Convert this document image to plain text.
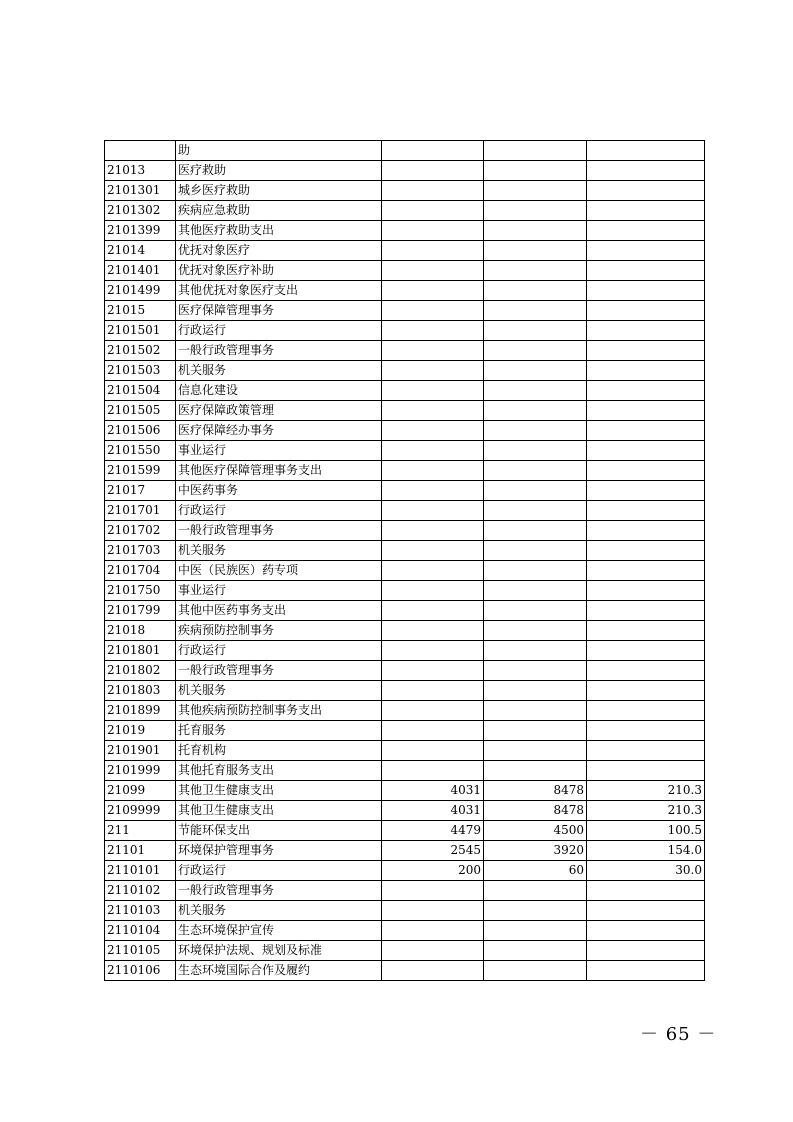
	助			
21013	医疗救助			
2101301	城乡医疗救助			
2101302	疾病应急救助			
2101399	其他医疗救助支出			
21014	优抚对象医疗			
2101401	优抚对象医疗补助			
2101499	其他优抚对象医疗支出			
21015	医疗保障管理事务			
2101501	行政运行			
2101502	一般行政管理事务			
2101503	机关服务			
2101504	信息化建设			
2101505	医疗保障政策管理			
2101506	医疗保障经办事务			
2101550	事业运行			
2101599	其他医疗保障管理事务支出			
21017	中医药事务			
2101701	行政运行			
2101702	一般行政管理事务			
2101703	机关服务			
2101704	中医（民族医）药专项			
2101750	事业运行			
2101799	其他中医药事务支出			
21018	疾病预防控制事务			
2101801	行政运行			
2101802	一般行政管理事务			
2101803	机关服务			
2101899	其他疾病预防控制事务支出			
21019	托育服务			
2101901	托育机构			
2101999	其他托育服务支出			
21099	其他卫生健康支出	4031	8478	210.3
2109999	其他卫生健康支出	4031	8478	210.3
211	节能环保支出	4479	4500	100.5
21101	环境保护管理事务	2545	3920	154.0
2110101	行政运行	200	60	30.0
2110102	一般行政管理事务			
2110103	机关服务			
2110104	生态环境保护宣传			
2110105	环境保护法规、规划及标准			
2110106	生态环境国际合作及履约			
－ 65 －
